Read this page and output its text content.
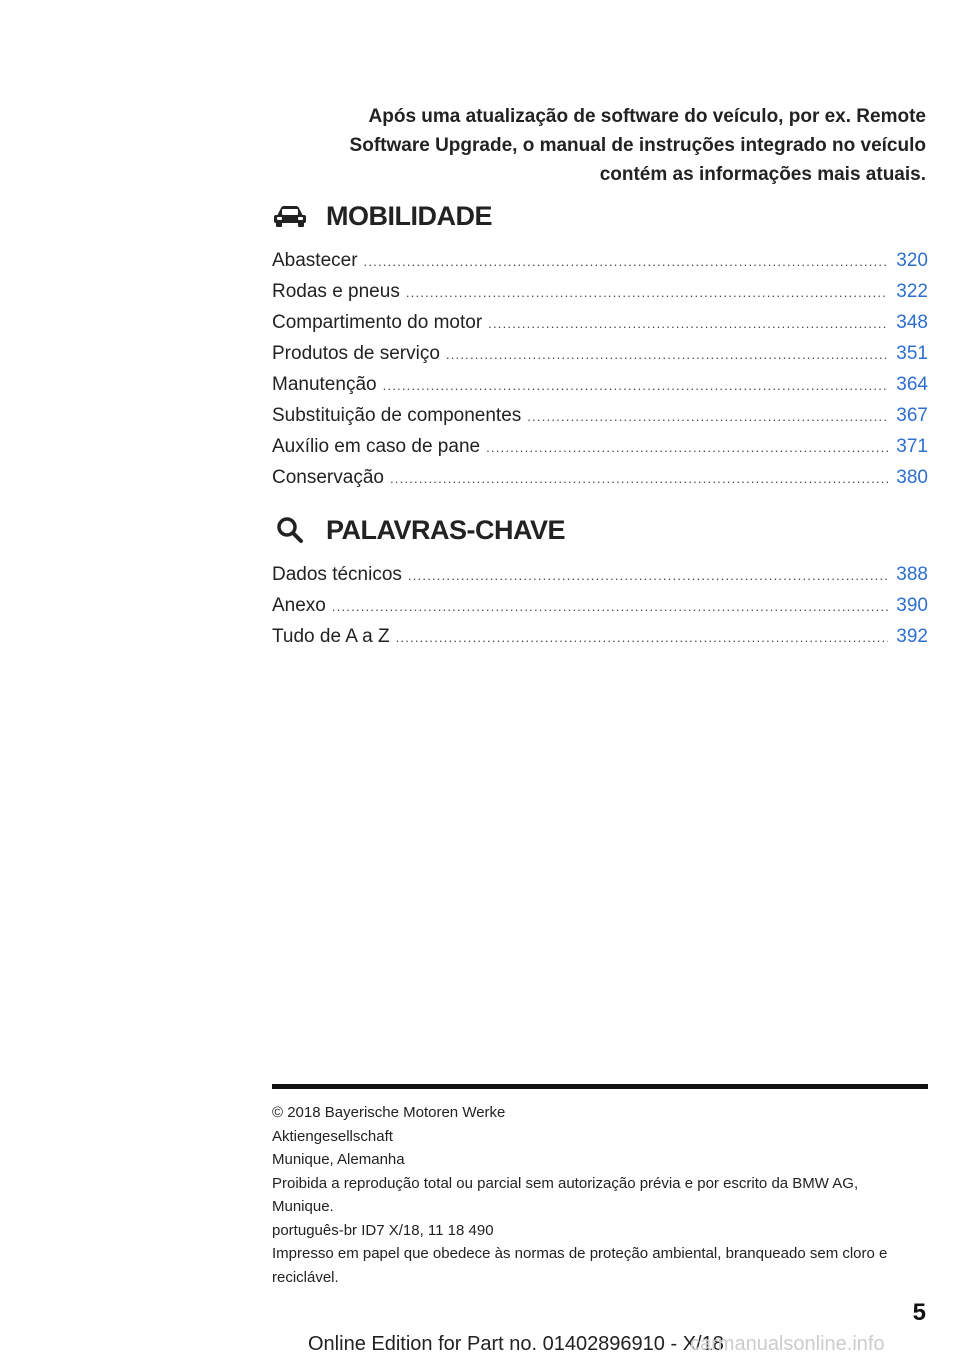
Após uma atualização de software do veículo, por ex. Remote
Software Upgrade, o manual de instruções integrado no veículo
contém as informações mais atuais.
MOBILIDADE
Abastecer .....	320
Rodas e pneus .....	322
Compartimento do motor .....	348
Produtos de serviço .....	351
Manutenção .....	364
Substituição de componentes .....	367
Auxílio em caso de pane .....	371
Conservação .....	380
PALAVRAS-CHAVE
Dados técnicos .....	388
Anexo .....	390
Tudo de A a Z .....	392
© 2018 Bayerische Motoren Werke
Aktiengesellschaft
Munique, Alemanha
Proibida a reprodução total ou parcial sem autorização prévia e por escrito da BMW AG,
Munique.
português-br ID7 X/18, 11 18 490
Impresso em papel que obedece às normas de proteção ambiental, branqueado sem cloro e
reciclável.
5
Online Edition for Part no. 01402896910 - X/18
carmanualsonline.info
